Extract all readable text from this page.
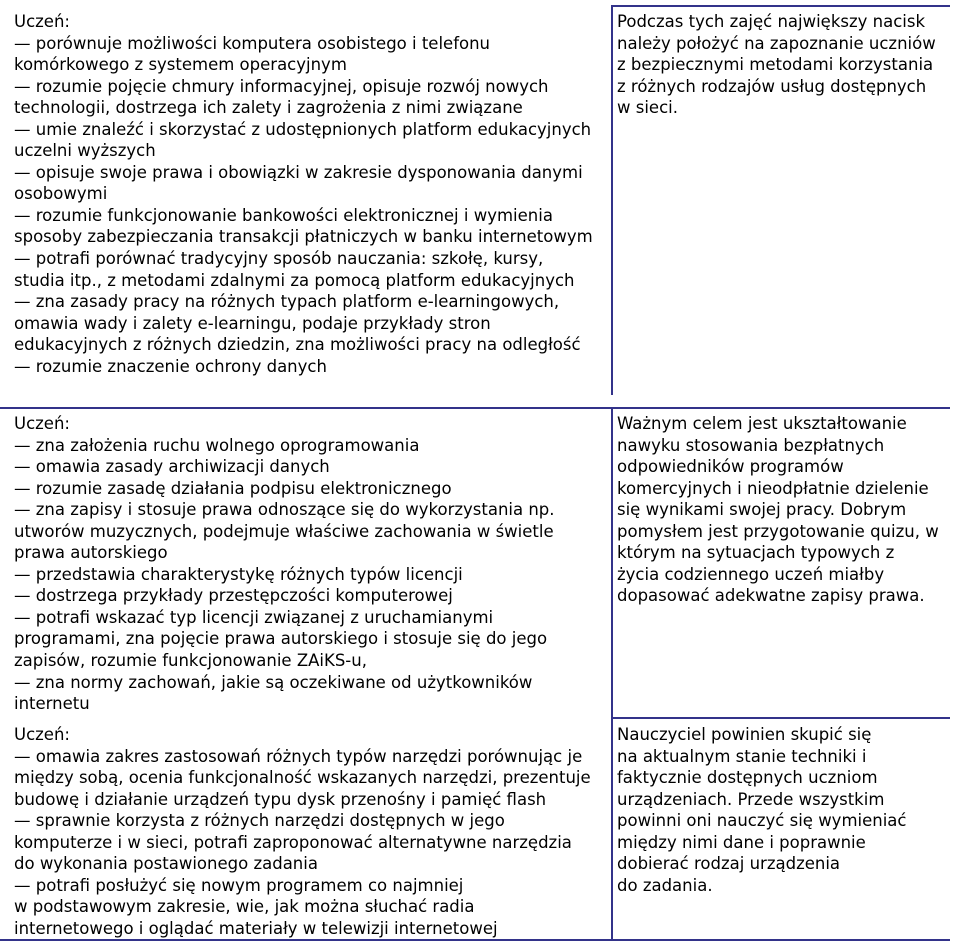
Uczeń:
— porównuje możliwości komputera osobistego i telefonu
komórkowego z systemem operacyjnym
— rozumie pojęcie chmury informacyjnej, opisuje rozwój nowych
technologii, dostrzega ich zalety i zagrożenia z nimi związane
— umie znaleźć i skorzystać z udostępnionych platform edukacyjnych
uczelni wyższych
— opisuje swoje prawa i obowiązki w zakresie dysponowania danymi
osobowymi
— rozumie funkcjonowanie bankowości elektronicznej i wymienia
sposoby zabezpieczania transakcji płatniczych w banku internetowym
— potrafi porównać tradycyjny sposób nauczania: szkołę, kursy,
studia itp., z metodami zdalnymi za pomocą platform edukacyjnych
— zna zasady pracy na różnych typach platform e-learningowych,
omawia wady i zalety e-learningu, podaje przykłady stron
edukacyjnych z różnych dziedzin, zna możliwości pracy na odległość
— rozumie znaczenie ochrony danych
Podczas tych zajęć największy nacisk
należy położyć na zapoznanie uczniów
z bezpiecznymi metodami korzystania
z różnych rodzajów usług dostępnych
w sieci.
Uczeń:
— zna założenia ruchu wolnego oprogramowania
— omawia zasady archiwizacji danych
— rozumie zasadę działania podpisu elektronicznego
— zna zapisy i stosuje prawa odnoszące się do wykorzystania np.
utworów muzycznych, podejmuje właściwe zachowania w świetle
prawa autorskiego
— przedstawia charakterystykę różnych typów licencji
— dostrzega przykłady przestępczości komputerowej
— potrafi wskazać typ licencji związanej z uruchamianymi
programami, zna pojęcie prawa autorskiego i stosuje się do jego
zapisów, rozumie funkcjonowanie ZAiKS-u,
— zna normy zachowań, jakie są oczekiwane od użytkowników
internetu
Ważnym celem jest ukształtowanie
nawyku stosowania bezpłatnych
odpowiedników programów
komercyjnych i nieodpłatnie dzielenie
się wynikami swojej pracy. Dobrym
pomysłem jest przygotowanie quizu, w
którym na sytuacjach typowych z
życia codziennego uczeń miałby
dopasować adekwatne zapisy prawa.
Uczeń:
— omawia zakres zastosowań różnych typów narzędzi porównując je
między sobą, ocenia funkcjonalność wskazanych narzędzi, prezentuje
budowę i działanie urządzeń typu dysk przenośny i pamięć flash
— sprawnie korzysta z różnych narzędzi dostępnych w jego
komputerze i w sieci, potrafi zaproponować alternatywne narzędzia
do wykonania postawionego zadania
— potrafi posłużyć się nowym programem co najmniej
w podstawowym zakresie, wie, jak można słuchać radia
internetowego i oglądać materiały w telewizji internetowej
Nauczyciel powinien skupić się
na aktualnym stanie techniki i
faktycznie dostępnych uczniom
urządzeniach. Przede wszystkim
powinni oni nauczyć się wymieniać
między nimi dane i poprawnie
dobierać rodzaj urządzenia
do zadania.
